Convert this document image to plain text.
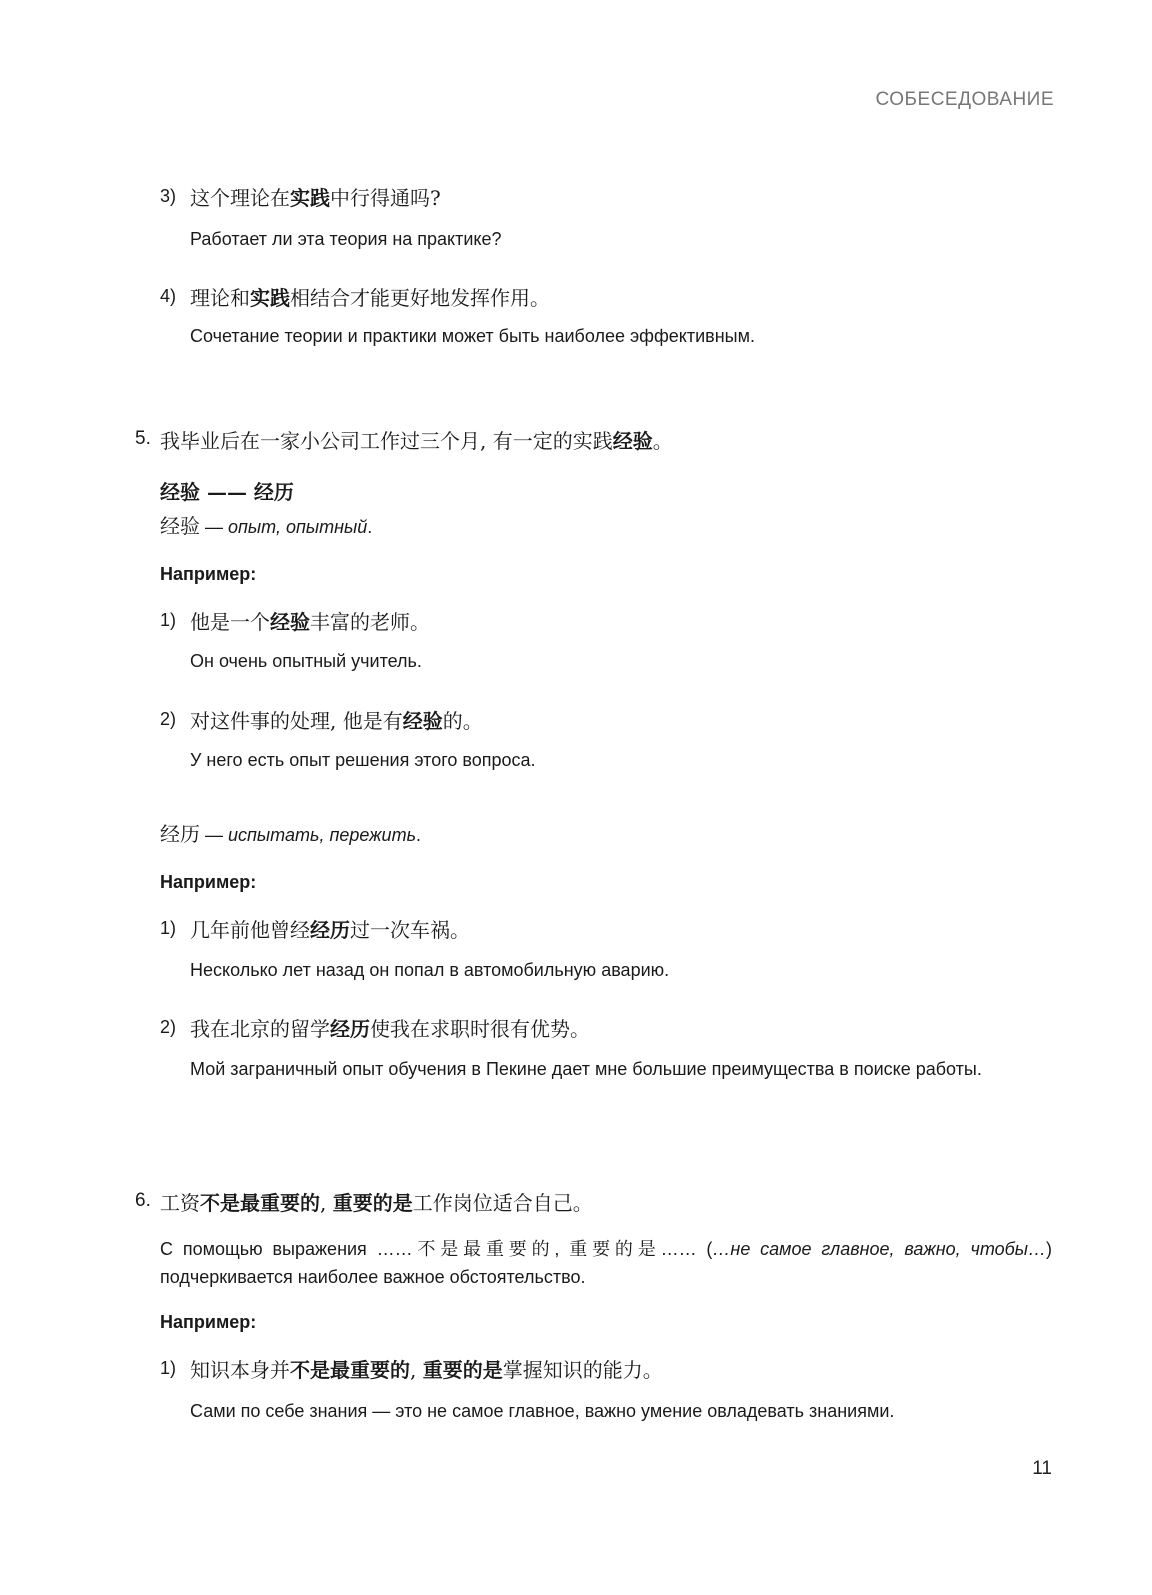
СОБЕСЕДОВАНИЕ
3) 这个理论在实践中行得通吗?
Работает ли эта теория на практике?
4) 理论和实践相结合才能更好地发挥作用。
Сочетание теории и практики может быть наиболее эффективным.
5. 我毕业后在一家小公司工作过三个月, 有一定的实践经验。
经验 —— 经历
经验 — опыт, опытный.
Например:
1) 他是一个经验丰富的老师。
Он очень опытный учитель.
2) 对这件事的处理, 他是有经验的。
У него есть опыт решения этого вопроса.
经历 — испытать, пережить.
Например:
1) 几年前他曾经经历过一次车祸。
Несколько лет назад он попал в автомобильную аварию.
2) 我在北京的留学经历使我在求职时很有优势。
Мой заграничный опыт обучения в Пекине дает мне большие преимущества в поиске работы.
6. 工资不是最重要的, 重要的是工作岗位适合自己。
С помощью выражения ……不是最重要的, 重要的是…… (…не самое главное, важно, чтобы…) подчеркивается наиболее важное обстоятельство.
Например:
1) 知识本身并不是最重要的, 重要的是掌握知识的能力。
Сами по себе знания — это не самое главное, важно умение овладевать знаниями.
11
